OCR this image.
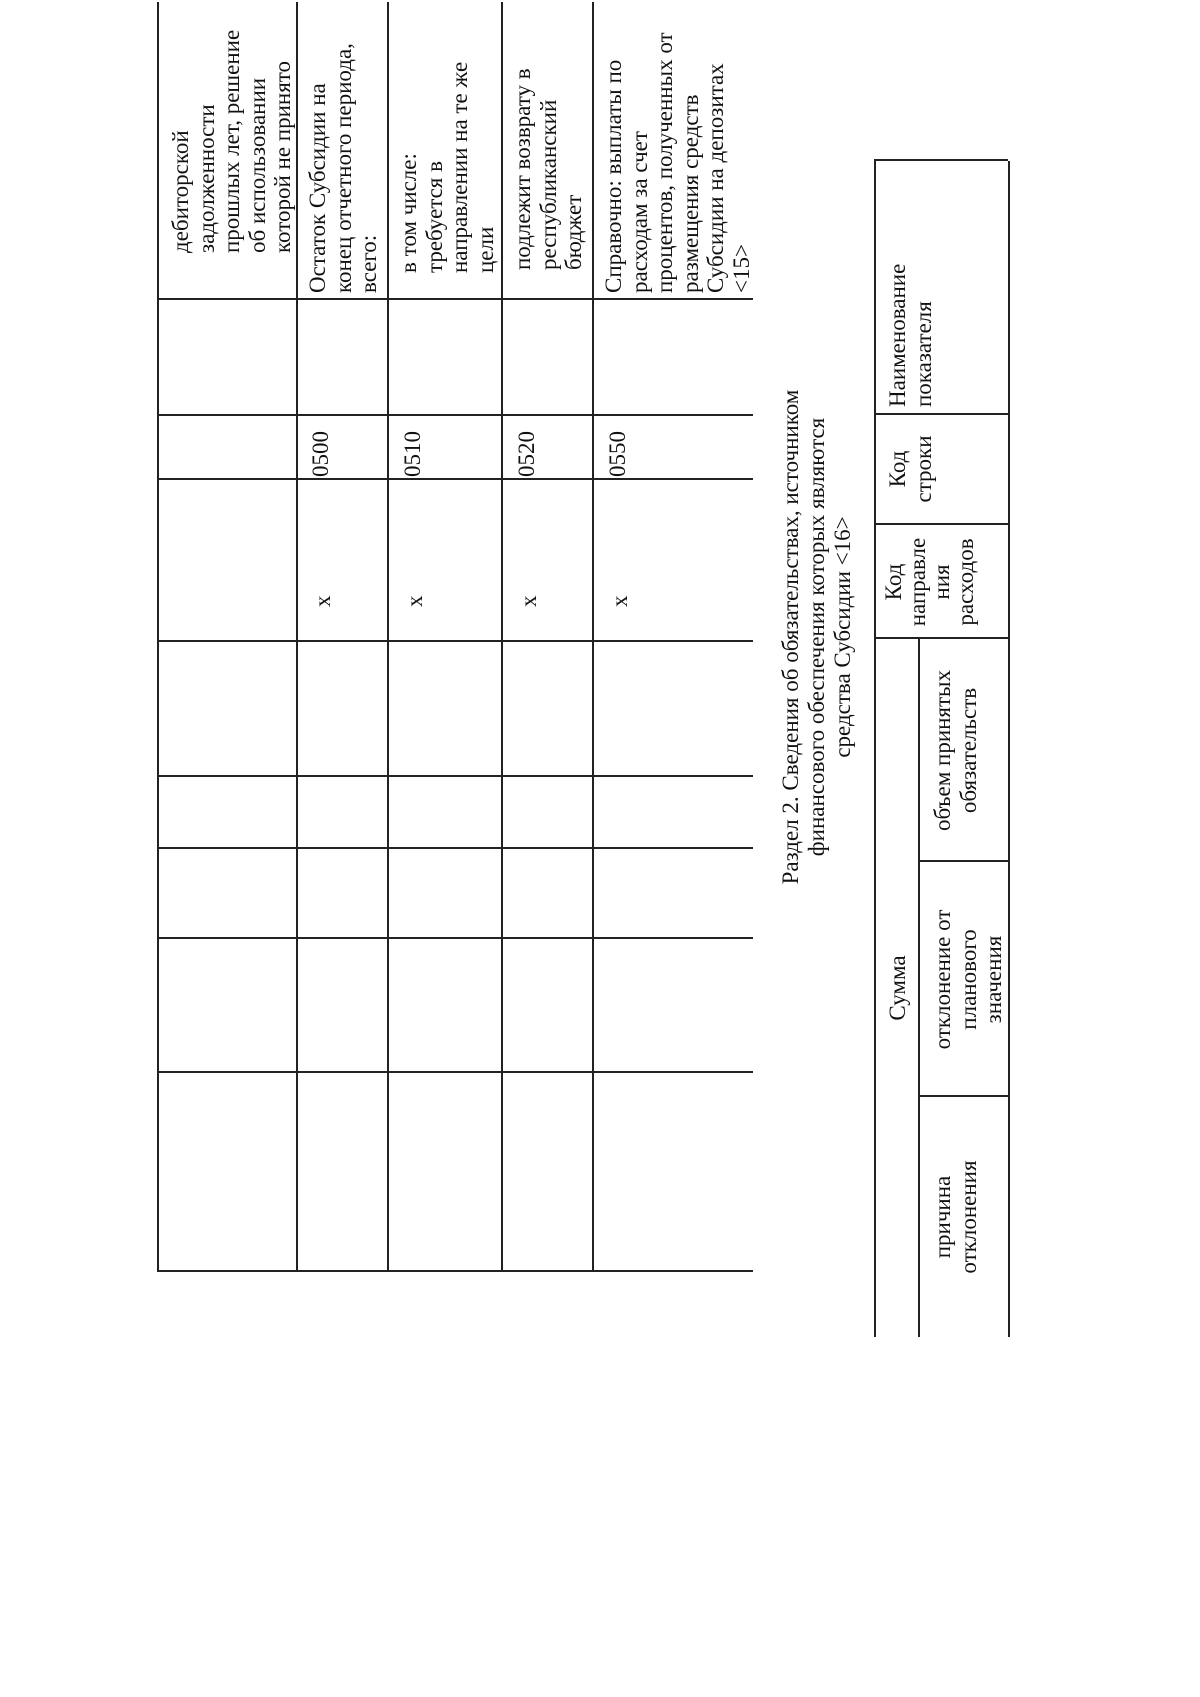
дебиторской
задолженности
прошлых лет, решение
об использовании
которой не принято
Остаток Субсидии на
конец отчетного периода,
всего:
0500
x
в том числе:
требуется в
направлении на те же
цели
0510
x
подлежит возврату в
республиканский
бюджет
0520
x
Справочно: выплаты по
расходам за счет
процентов, полученных от
размещения средств
Субсидии на депозитах
<15>
0550
x
Раздел 2. Сведения об обязательствах, источником
финансового обеспечения которых являются
средства Субсидии <16>
Наименование показателя
Код
строки
Код
направле
ния
расходов
Сумма
объем принятых обязательств
отклонение от
планового
значения
причина
отклонения
